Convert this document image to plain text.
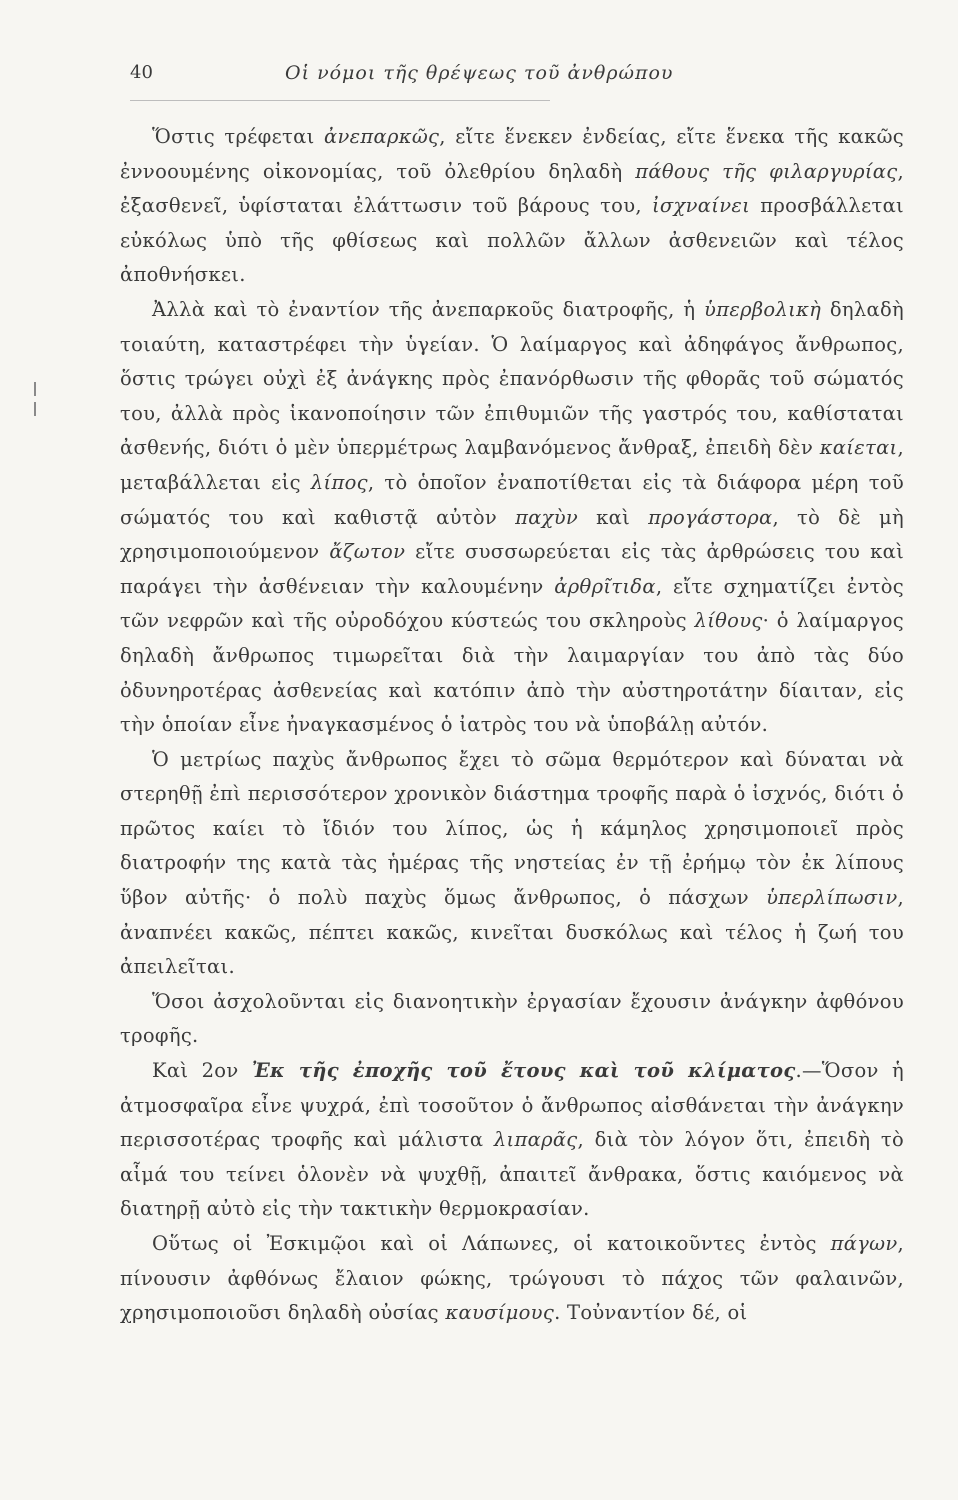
40	Οἱ νόμοι τῆς θρέψεως τοῦ ἀνθρώπου

Ὅστις τρέφεται ἀνεπαρκῶς, εἴτε ἕνεκεν ἐνδείας, εἴτε ἕνεκα τῆς κακῶς ἐννοουμένης οἰκονομίας, τοῦ ὀλεθρίου δηλαδὴ πάθους τῆς φιλαργυρίας, ἐξασθενεῖ, ὑφίσταται ἐλάττωσιν τοῦ βάρους του, ἰσχναίνει προσβάλλεται εὐκόλως ὑπὸ τῆς φθίσεως καὶ πολλῶν ἄλλων ἀσθενειῶν καὶ τέλος ἀποθνήσκει.

Ἀλλὰ καὶ τὸ ἐναντίον τῆς ἀνεπαρκοῦς διατροφῆς, ἡ ὑπερβολικὴ δηλαδὴ τοιαύτη, καταστρέφει τὴν ὑγείαν. Ὁ λαίμαργος καὶ ἀδηφάγος ἄνθρωπος, ὅστις τρώγει οὐχὶ ἐξ ἀνάγκης πρὸς ἐπανόρθωσιν τῆς φθορᾶς τοῦ σώματός του, ἀλλὰ πρὸς ἱκανοποίησιν τῶν ἐπιθυμιῶν τῆς γαστρός του, καθίσταται ἀσθενής, διότι ὁ μὲν ὑπερμέτρως λαμβανόμενος ἄνθραξ, ἐπειδὴ δὲν καίεται, μεταβάλλεται εἰς λίπος, τὸ ὁποῖον ἐναποτίθεται εἰς τὰ διάφορα μέρη τοῦ σώματός του καὶ καθιστᾷ αὐτὸν παχὺν καὶ προγάστορα, τὸ δὲ μὴ χρησιμοποιούμενον ἄζωτον εἴτε συσσωρεύεται εἰς τὰς ἀρθρώσεις του καὶ παράγει τὴν ἀσθένειαν τὴν καλουμένην ἀρθρῖτιδα, εἴτε σχηματίζει ἐντὸς τῶν νεφρῶν καὶ τῆς οὐροδόχου κύστεώς του σκληροὺς λίθους· ὁ λαίμαργος δηλαδὴ ἄνθρωπος τιμωρεῖται διὰ τὴν λαιμαργίαν του ἀπὸ τὰς δύο ὀδυνηροτέρας ἀσθενείας καὶ κατόπιν ἀπὸ τὴν αὐστηροτάτην δίαιταν, εἰς τὴν ὁποίαν εἶνε ἠναγκασμένος ὁ ἰατρὸς του νὰ ὑποβάλῃ αὐτόν.

Ὁ μετρίως παχὺς ἄνθρωπος ἔχει τὸ σῶμα θερμότερον καὶ δύναται νὰ στερηθῇ ἐπὶ περισσότερον χρονικὸν διάστημα τροφῆς παρὰ ὁ ἰσχνός, διότι ὁ πρῶτος καίει τὸ ἴδιόν του λίπος, ὡς ἡ κάμηλος χρησιμοποιεῖ πρὸς διατροφήν της κατὰ τὰς ἡμέρας τῆς νηστείας ἐν τῇ ἐρήμῳ τὸν ἐκ λίπους ὕβον αὐτῆς· ὁ πολὺ παχὺς ὅμως ἄνθρωπος, ὁ πάσχων ὑπερλίπωσιν, ἀναπνέει κακῶς, πέπτει κακῶς, κινεῖται δυσκόλως καὶ τέλος ἡ ζωή του ἀπειλεῖται.

Ὅσοι ἀσχολοῦνται εἰς διανοητικὴν ἐργασίαν ἔχουσιν ἀνάγκην ἀφθόνου τροφῆς.

Καὶ 2ον Ἐκ τῆς ἐποχῆς τοῦ ἔτους καὶ τοῦ κλίματος.—Ὅσον ἡ ἀτμοσφαῖρα εἶνε ψυχρά, ἐπὶ τοσοῦτον ὁ ἄνθρωπος αἰσθάνεται τὴν ἀνάγκην περισσοτέρας τροφῆς καὶ μάλιστα λιπαρᾶς, διὰ τὸν λόγον ὅτι, ἐπειδὴ τὸ αἷμά του τείνει ὁλονὲν νὰ ψυχθῇ, ἀπαιτεῖ ἄνθρακα, ὅστις καιόμενος νὰ διατηρῇ αὐτὸ εἰς τὴν τακτικὴν θερμοκρασίαν.

Οὕτως οἱ Ἐσκιμῷοι καὶ οἱ Λάπωνες, οἱ κατοικοῦντες ἐντὸς πάγων, πίνουσιν ἀφθόνως ἔλαιον φώκης, τρώγουσι τὸ πάχος τῶν φαλαινῶν, χρησιμοποιοῦσι δηλαδὴ οὐσίας καυσίμους. Τοὐναντίον δέ, οἱ
